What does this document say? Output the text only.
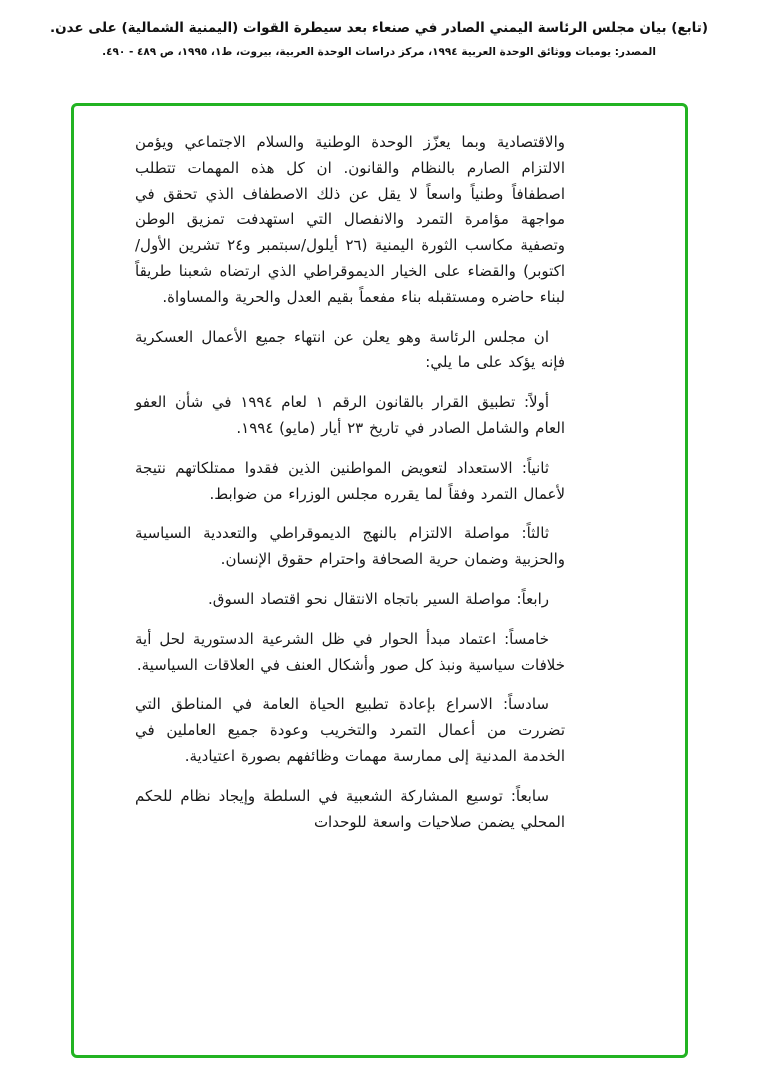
(تابع) بيان مجلس الرئاسة اليمني الصادر في صنعاء بعد سيطرة القوات (اليمنية الشمالية) على عدن.
المصدر: يوميات ووثائق الوحدة العربية ١٩٩٤، مركز دراسات الوحدة العربية، بيروت، ط١، ١٩٩٥، ص ٤٨٩ - ٤٩٠.

والاقتصادية وبما يعزّز الوحدة الوطنية والسلام الاجتماعي ويؤمن الالتزام الصارم بالنظام والقانون. ان كل هذه المهمات تتطلب اصطفافاً وطنياً واسعاً لا يقل عن ذلك الاصطفاف الذي تحقق في مواجهة مؤامرة التمرد والانفصال التي استهدفت تمزيق الوطن وتصفية مكاسب الثورة اليمنية (٢٦ أيلول/سبتمبر و٢٤ تشرين الأول/ اكتوبر) والقضاء على الخيار الديموقراطي الذي ارتضاه شعبنا طريقاً لبناء حاضره ومستقبله بناء مفعماً بقيم العدل والحرية والمساواة.

ان مجلس الرئاسة وهو يعلن عن انتهاء جميع الأعمال العسكرية فإنه يؤكد على ما يلي:

أولاً: تطبيق القرار بالقانون الرقم ١ لعام ١٩٩٤ في شأن العفو العام والشامل الصادر في تاريخ ٢٣ أيار (مايو) ١٩٩٤.

ثانياً: الاستعداد لتعويض المواطنين الذين فقدوا ممتلكاتهم نتيجة لأعمال التمرد وفقاً لما يقرره مجلس الوزراء من ضوابط.

ثالثاً: مواصلة الالتزام بالنهج الديموقراطي والتعددية السياسية والحزبية وضمان حرية الصحافة واحترام حقوق الإنسان.

رابعاً: مواصلة السير باتجاه الانتقال نحو اقتصاد السوق.

خامساً: اعتماد مبدأ الحوار في ظل الشرعية الدستورية لحل أية خلافات سياسية ونبذ كل صور وأشكال العنف في العلاقات السياسية.

سادساً: الاسراع بإعادة تطبيع الحياة العامة في المناطق التي تضررت من أعمال التمرد والتخريب وعودة جميع العاملين في الخدمة المدنية إلى ممارسة مهمات وظائفهم بصورة اعتيادية.

سابعاً: توسيع المشاركة الشعبية في السلطة وإيجاد نظام للحكم المحلي يضمن صلاحيات واسعة للوحدات
